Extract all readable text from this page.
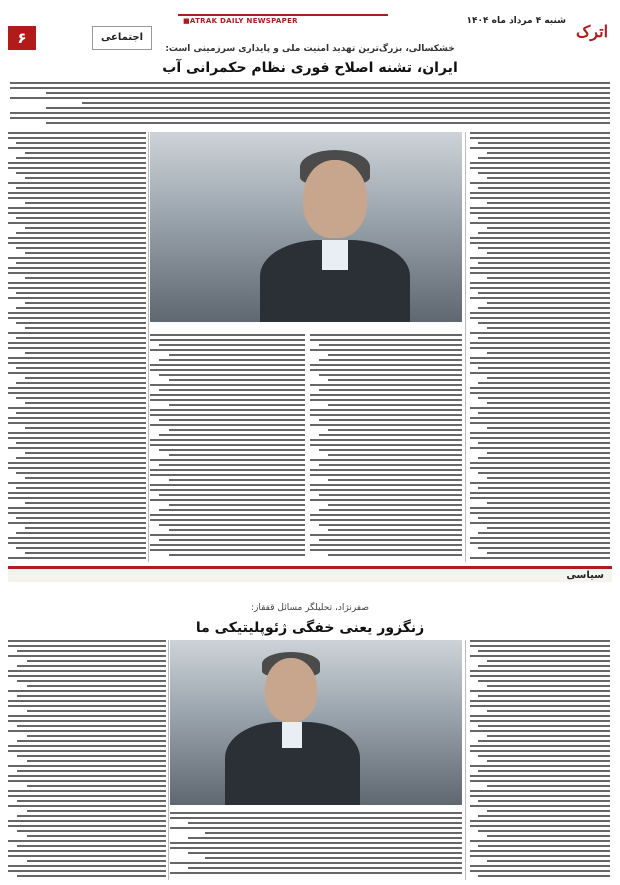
۶	اجتماعی
■ATRAK DAILY NEWSPAPER	شنبه ۴ مرداد ماه ۱۴۰۴
اترک
خشکسالی، بزرگ‌ترین تهدید امنیت ملی و پایداری سرزمینی است:
ایران، تشنه اصلاح فوری نظام حکمرانی آب
سیاسی
صفرنژاد، تحلیلگر مسائل قفقاز:
زنگزور یعنی خفگی ژئوپلیتیکی ما
